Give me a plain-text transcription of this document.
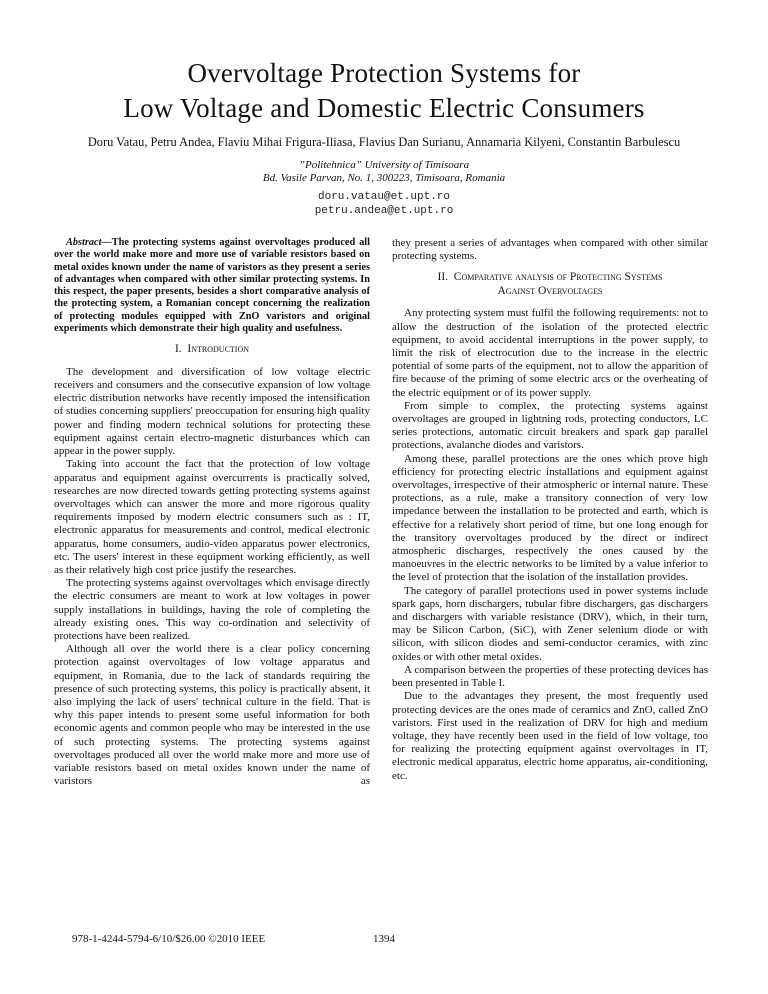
Overvoltage Protection Systems for
Low Voltage and Domestic Electric Consumers
Doru Vatau, Petru Andea, Flaviu Mihai Frigura-Iliasa, Flavius Dan Surianu, Annamaria Kilyeni, Constantin Barbulescu
”Politehnica” University of Timisoara
Bd. Vasile Parvan, No. 1, 300223, Timisoara, Romania
doru.vatau@et.upt.ro
petru.andea@et.upt.ro

Abstract—The protecting systems against overvoltages produced all over the world make more and more use of variable resistors based on metal oxides known under the name of varistors as they present a series of advantages when compared with other similar protecting systems. In this respect, the paper presents, besides a short comparative analysis of the protecting system, a Romanian concept concerning the realization of protecting modules equipped with ZnO varistors and original experiments which demonstrate their high quality and usefulness.

I. Introduction

The development and diversification of low voltage electric receivers and consumers and the consecutive expansion of low voltage electric distribution networks have recently imposed the intensification of studies concerning suppliers' preoccupation for ensuring high quality power and finding modern technical solutions for protecting these equipment against certain electro-magnetic disturbances which can appear in the power supply.

Taking into account the fact that the protection of low voltage apparatus and equipment against overcurrents is practically solved, researches are now directed towards getting protecting systems against overvoltages which can answer the more and more rigorous quality requirements imposed by modern electric consumers such as : IT, electronic apparatus for measurements and control, medical electronic apparatus, home consumers, audio-video apparatus power electronics, etc. The users' interest in these equipment working efficiently, as well as their relatively high cost price justify the researches.

The protecting systems against overvoltages which envisage directly the electric consumers are meant to work at low voltages in power supply installations in buildings, having the role of completing the already existing ones. This way co-ordination and selectivity of protections have been realized.

Although all over the world there is a clear policy concerning protection against overvoltages of low voltage apparatus and equipment, in Romania, due to the lack of standards requiring the presence of such protecting systems, this policy is practically absent, it also implying the lack of users' technical culture in the field. That is why this paper intends to present some useful information for both economic agents and common people who may be interested in the use of such protecting systems. The protecting systems against overvoltages produced all over the world make more and more use of variable resistors based on metal oxides known under the name of varistors as

they present a series of advantages when compared with other similar protecting systems.

II. Comparative analysis of Protecting Systems
Against Overvoltages

Any protecting system must fulfil the following requirements: not to allow the destruction of the isolation of the protected electric equipment, to avoid accidental interruptions in the power supply, to limit the risk of electrocution due to the increase in the electric potential of some parts of the equipment, not to allow the apparition of fire because of the priming of some electric arcs or the overheating of the electric equipment or of its power supply.

From simple to complex, the protecting systems against overvoltages are grouped in lightning rods, protecting conductors, LC series protections, automatic circuit breakers and spark gap parallel protections, avalanche diodes and varistors.

Among these, parallel protections are the ones which prove high efficiency for protecting electric installations and equipment against overvoltages, irrespective of their atmospheric or internal nature. These protections, as a rule, make a transitory connection of very low impedance between the installation to be protected and earth, which is effective for a relatively short period of time, but one long enough for the transitory overvoltages produced by the direct or indirect atmospheric discharges, respectively the ones caused by the manoeuvres in the electric networks to be limited by a value inferior to the level of protection that the isolation of the installation provides.

The category of parallel protections used in power systems include spark gaps, horn dischargers, tubular fibre dischargers, gas dischargers and dischargers with variable resistance (DRV), which, in their turn, may be Silicon Carbon, (SiC), with Zener selenium diode or with silicon, with silicon diodes and semi-conductor ceramics, with zinc oxides or with other metal oxides.

A comparison between the properties of these protecting devices has been presented in Table I.

Due to the advantages they present, the most frequently used protecting devices are the ones made of ceramics and ZnO, called ZnO varistors. First used in the realization of DRV for high and medium voltage, they have recently been used in the field of low voltage, too for realizing the protecting equipment against overvoltages in IT, electronic medical apparatus, electric home apparatus, air-conditioning, etc.

978-1-4244-5794-6/10/$26.00 ©2010 IEEE	1394
